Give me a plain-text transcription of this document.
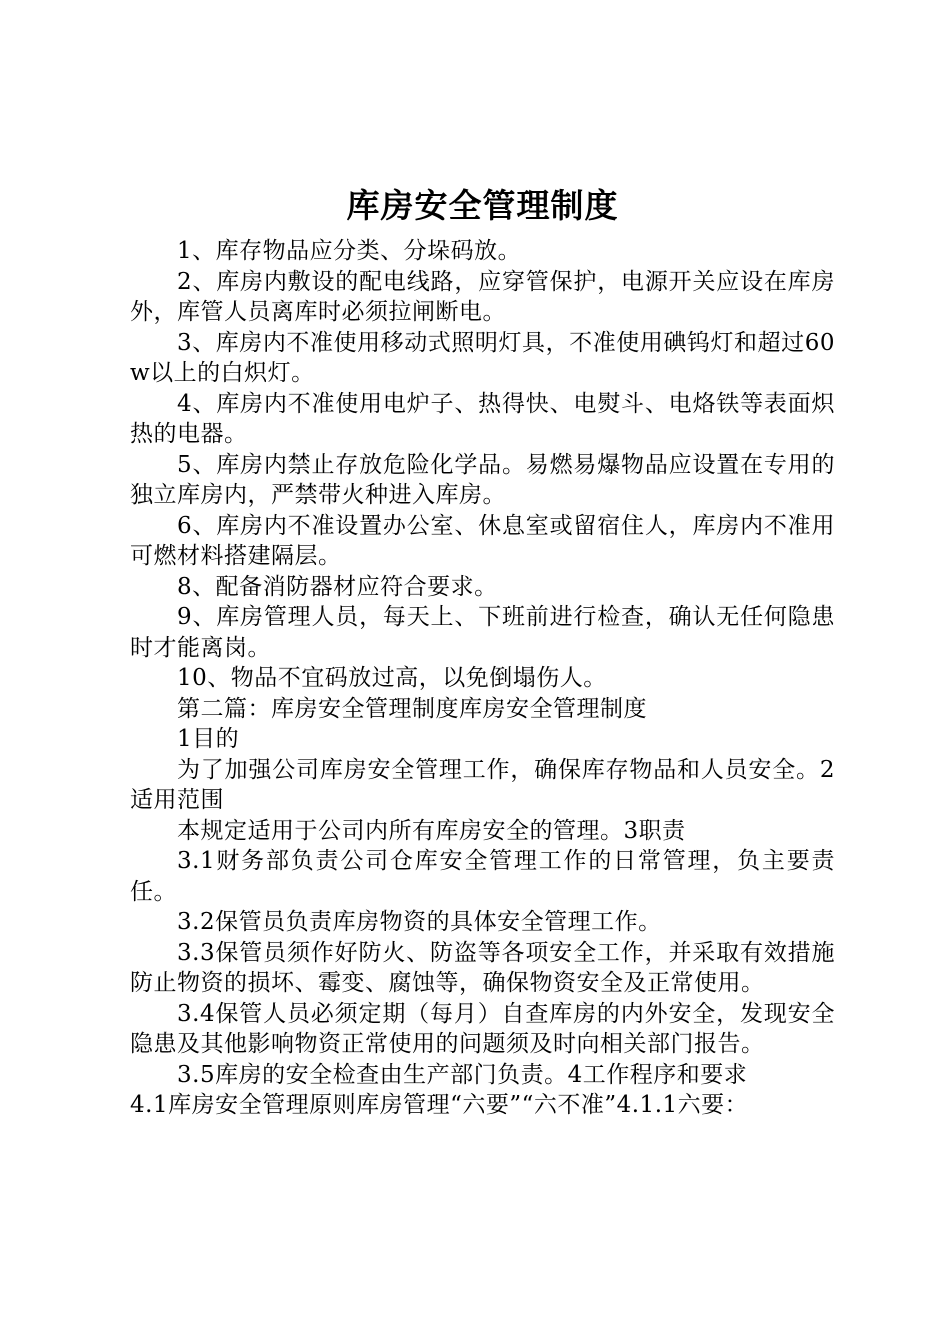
库房安全管理制度

1、库存物品应分类、分垛码放。

2、库房内敷设的配电线路，应穿管保护，电源开关应设在库房外，库管人员离库时必须拉闸断电。

3、库房内不准使用移动式照明灯具，不准使用碘钨灯和超过60w以上的白炽灯。

4、库房内不准使用电炉子、热得快、电熨斗、电烙铁等表面炽热的电器。

5、库房内禁止存放危险化学品。易燃易爆物品应设置在专用的独立库房内，严禁带火种进入库房。

6、库房内不准设置办公室、休息室或留宿住人，库房内不准用可燃材料搭建隔层。

8、配备消防器材应符合要求。

9、库房管理人员，每天上、下班前进行检查，确认无任何隐患时才能离岗。

10、物品不宜码放过高，以免倒塌伤人。

第二篇：库房安全管理制度库房安全管理制度

1目的

为了加强公司库房安全管理工作，确保库存物品和人员安全。2适用范围

本规定适用于公司内所有库房安全的管理。3职责

3.1财务部负责公司仓库安全管理工作的日常管理，负主要责任。

3.2保管员负责库房物资的具体安全管理工作。

3.3保管员须作好防火、防盗等各项安全工作，并采取有效措施防止物资的损坏、霉变、腐蚀等，确保物资安全及正常使用。

3.4保管人员必须定期（每月）自查库房的内外安全，发现安全隐患及其他影响物资正常使用的问题须及时向相关部门报告。

3.5库房的安全检查由生产部门负责。4工作程序和要求

4.1库房安全管理原则库房管理“六要”“六不准”4.1.1六要：
